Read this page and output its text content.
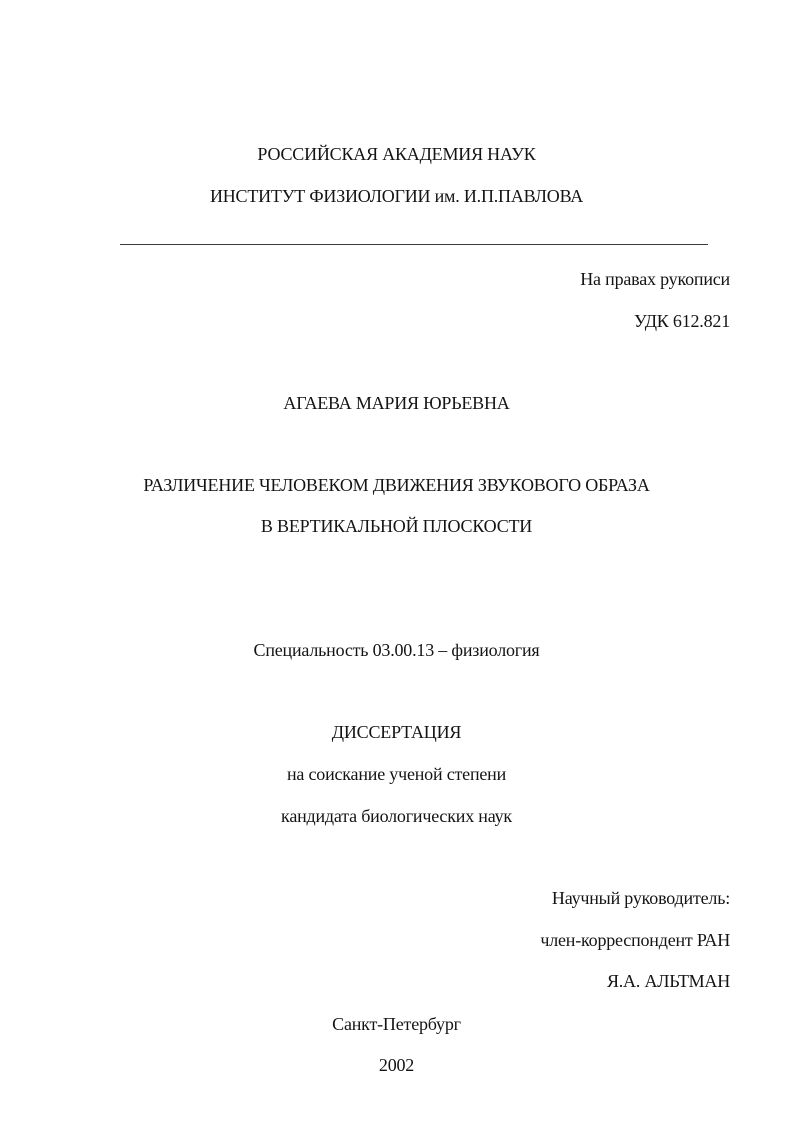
РОССИЙСКАЯ АКАДЕМИЯ НАУК
ИНСТИТУТ ФИЗИОЛОГИИ им. И.П.ПАВЛОВА
На правах рукописи
УДК 612.821
АГАЕВА МАРИЯ ЮРЬЕВНА
РАЗЛИЧЕНИЕ ЧЕЛОВЕКОМ ДВИЖЕНИЯ ЗВУКОВОГО ОБРАЗА
В ВЕРТИКАЛЬНОЙ ПЛОСКОСТИ
Специальность 03.00.13 – физиология
ДИССЕРТАЦИЯ
на соискание ученой степени
кандидата биологических наук
Научный руководитель:
член-корреспондент РАН
Я.А. АЛЬТМАН
Санкт-Петербург
2002
